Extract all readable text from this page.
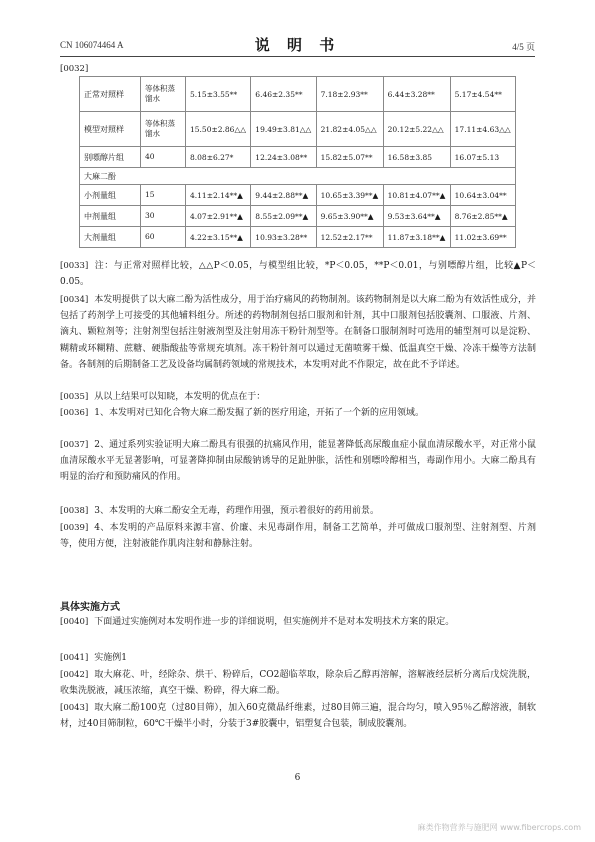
CN 106074464 A	说 明 书	4/5 页
[0032]
正常对照样	等体积蒸馏水	5.15±3.55**	6.46±2.35**	7.18±2.93**	6.44±3.28**	5.17±4.54**
模型对照样	等体积蒸馏水	15.50±2.86△△	19.49±3.81△△	21.82±4.05△△	20.12±5.22△△	17.11±4.63△△
别嘌醇片组	40	8.08±6.27*	12.24±3.08**	15.82±5.07**	16.58±3.85	16.07±5.13
大麻二酚						
小剂量组	15	4.11±2.14**▲	9.44±2.88**▲	10.65±3.39**▲	10.81±4.07**▲	10.64±3.04**
中剂量组	30	4.07±2.91**▲	8.55±2.09**▲	9.65±3.90**▲	9.53±3.64**▲	8.76±2.85**▲
大剂量组	60	4.22±3.15**▲	10.93±3.28**	12.52±2.17**	11.87±3.18**▲	11.02±3.69**
[0033] 注：与正常对照样比较，△△P＜0.05，与模型组比较，*P＜0.05，**P＜0.01，与别嘌醇片组，比较▲P＜0.05。
[0034] 本发明提供了以大麻二酚为活性成分，用于治疗痛风的药物制剂。该药物制剂是以大麻二酚为有效活性成分，并包括了药剂学上可接受的其他辅料组分。所述的药物制剂包括口服剂和针剂，其中口服剂包括胶囊剂、口服液、片剂、滴丸、颗粒剂等；注射剂型包括注射液剂型及注射用冻干粉针剂型等。在制备口服制剂时可选用的辅型剂可以是淀粉、糊精或环糊精、蔗糖、硬脂酸盐等常规充填剂。冻干粉针剂可以通过无菌喷雾干燥、低温真空干燥、冷冻干燥等方法制备。各制剂的后期制备工艺及设备均属制药领域的常规技术，本发明对此不作限定，故在此不予详述。
[0035] 从以上结果可以知晓，本发明的优点在于：
[0036] 1、本发明对已知化合物大麻二酚发掘了新的医疗用途，开拓了一个新的应用领域。
[0037] 2、通过系列实验证明大麻二酚具有很强的抗痛风作用，能显著降低高尿酸血症小鼠血清尿酸水平，对正常小鼠血清尿酸水平无显著影响，可显著降抑制由尿酸钠诱导的足趾肿胀，活性和别嘌呤醇相当，毒副作用小。大麻二酚具有明显的治疗和预防痛风的作用。
[0038] 3、本发明的大麻二酚安全无毒，药理作用强，预示着很好的药用前景。
[0039] 4、本发明的产品原料来源丰富、价廉、未见毒副作用，制备工艺简单，并可做成口服剂型、注射剂型、片剂等，使用方便，注射液能作肌肉注射和静脉注射。
具体实施方式
[0040] 下面通过实施例对本发明作进一步的详细说明，但实施例并不是对本发明技术方案的限定。
[0041] 实施例1
[0042] 取大麻花、叶，经除杂、烘干、粉碎后，CO2超临萃取，除杂后乙醇再溶解，溶解液经层析分离后戊烷洗脱，收集洗脱液，减压浓缩，真空干燥、粉碎，得大麻二酚。
[0043] 取大麻二酚100克（过80目筛），加入60克微晶纤维素，过80目筛三遍，混合均匀，喷入95％乙醇溶液，制软材，过40目筛制粒，60℃干燥半小时，分装于3#胶囊中，铝塑复合包装，制成胶囊剂。
6
麻类作物营养与施肥网 www.fibercrops.com
